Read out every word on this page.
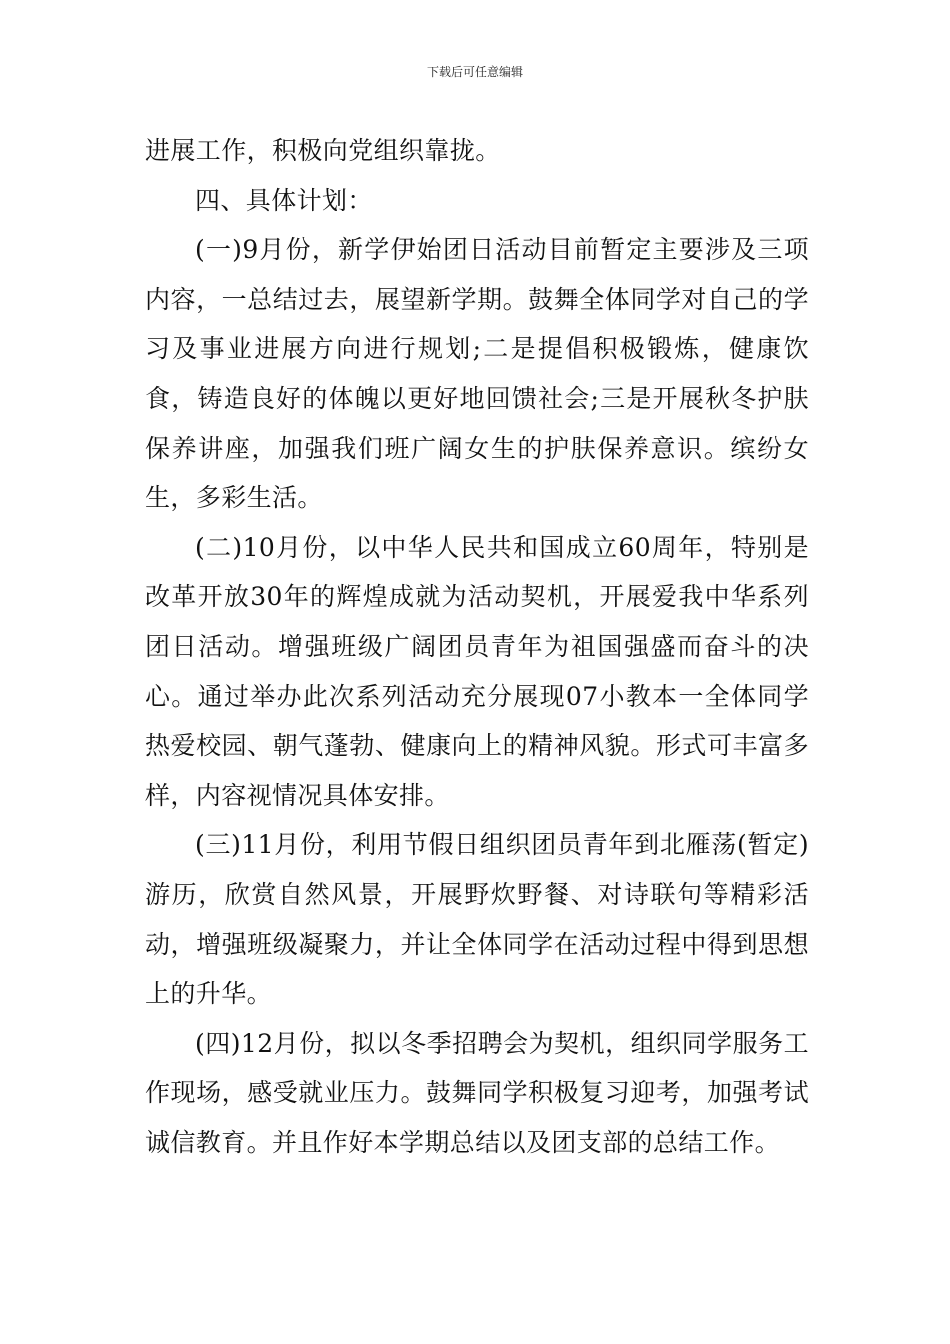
下载后可任意编辑

进展工作，积极向党组织靠拢。

四、具体计划：

(一)9月份，新学伊始团日活动目前暂定主要涉及三项内容，一总结过去，展望新学期。鼓舞全体同学对自己的学习及事业进展方向进行规划;二是提倡积极锻炼，健康饮食，铸造良好的体魄以更好地回馈社会;三是开展秋冬护肤保养讲座，加强我们班广阔女生的护肤保养意识。缤纷女生，多彩生活。

(二)10月份，以中华人民共和国成立60周年，特别是改革开放30年的辉煌成就为活动契机，开展爱我中华系列团日活动。增强班级广阔团员青年为祖国强盛而奋斗的决心。通过举办此次系列活动充分展现07小教本一全体同学热爱校园、朝气蓬勃、健康向上的精神风貌。形式可丰富多样，内容视情况具体安排。

(三)11月份，利用节假日组织团员青年到北雁荡(暂定)游历，欣赏自然风景，开展野炊野餐、对诗联句等精彩活动，增强班级凝聚力，并让全体同学在活动过程中得到思想上的升华。

(四)12月份，拟以冬季招聘会为契机，组织同学服务工作现场，感受就业压力。鼓舞同学积极复习迎考，加强考试诚信教育。并且作好本学期总结以及团支部的总结工作。
